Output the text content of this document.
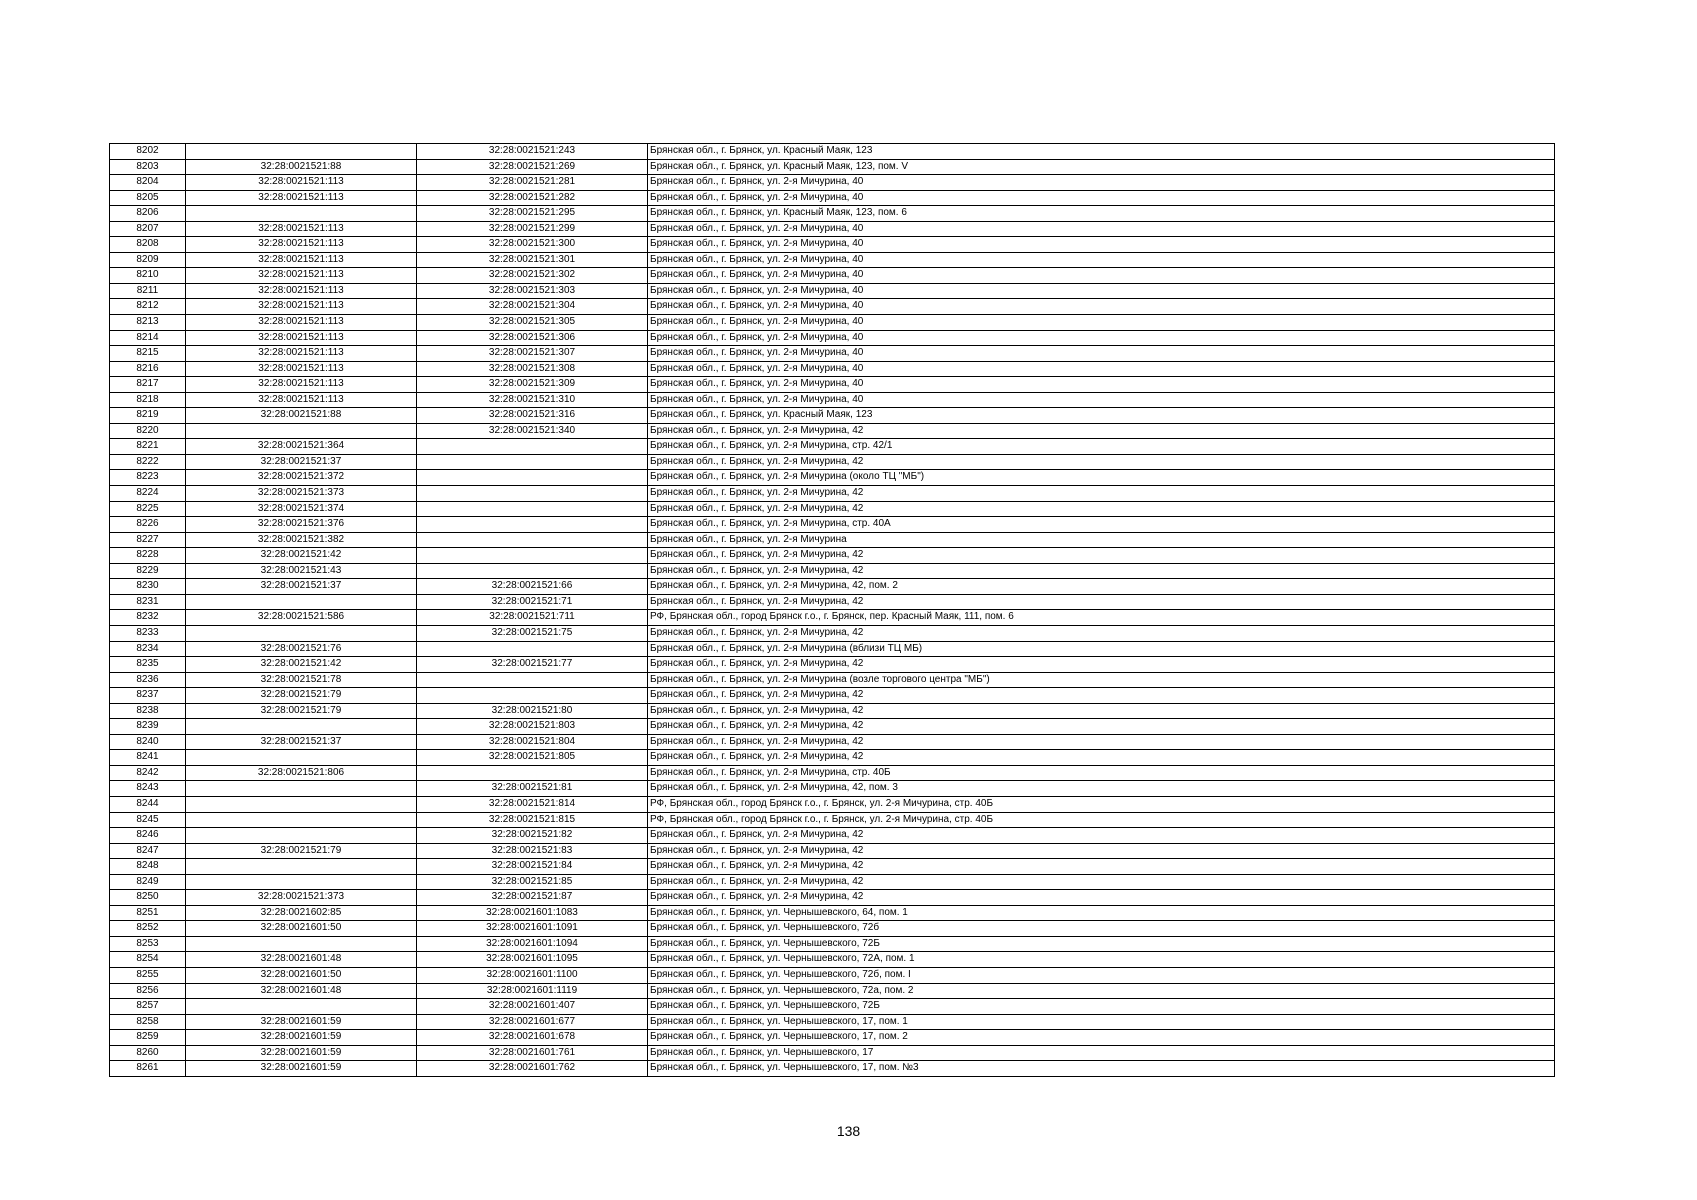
8202		32:28:0021521:243	Брянская обл., г. Брянск, ул. Красный Маяк, 123
8203	32:28:0021521:88	32:28:0021521:269	Брянская обл., г. Брянск, ул. Красный Маяк, 123, пом. V
8204	32:28:0021521:113	32:28:0021521:281	Брянская обл., г. Брянск, ул. 2-я Мичурина, 40
8205	32:28:0021521:113	32:28:0021521:282	Брянская обл., г. Брянск, ул. 2-я Мичурина, 40
8206		32:28:0021521:295	Брянская обл., г. Брянск, ул. Красный Маяк, 123, пом. 6
8207	32:28:0021521:113	32:28:0021521:299	Брянская обл., г. Брянск, ул. 2-я Мичурина, 40
8208	32:28:0021521:113	32:28:0021521:300	Брянская обл., г. Брянск, ул. 2-я Мичурина, 40
8209	32:28:0021521:113	32:28:0021521:301	Брянская обл., г. Брянск, ул. 2-я Мичурина, 40
8210	32:28:0021521:113	32:28:0021521:302	Брянская обл., г. Брянск, ул. 2-я Мичурина, 40
8211	32:28:0021521:113	32:28:0021521:303	Брянская обл., г. Брянск, ул. 2-я Мичурина, 40
8212	32:28:0021521:113	32:28:0021521:304	Брянская обл., г. Брянск, ул. 2-я Мичурина, 40
8213	32:28:0021521:113	32:28:0021521:305	Брянская обл., г. Брянск, ул. 2-я Мичурина, 40
8214	32:28:0021521:113	32:28:0021521:306	Брянская обл., г. Брянск, ул. 2-я Мичурина, 40
8215	32:28:0021521:113	32:28:0021521:307	Брянская обл., г. Брянск, ул. 2-я Мичурина, 40
8216	32:28:0021521:113	32:28:0021521:308	Брянская обл., г. Брянск, ул. 2-я Мичурина, 40
8217	32:28:0021521:113	32:28:0021521:309	Брянская обл., г. Брянск, ул. 2-я Мичурина, 40
8218	32:28:0021521:113	32:28:0021521:310	Брянская обл., г. Брянск, ул. 2-я Мичурина, 40
8219	32:28:0021521:88	32:28:0021521:316	Брянская обл., г. Брянск, ул. Красный Маяк, 123
8220		32:28:0021521:340	Брянская обл., г. Брянск, ул. 2-я Мичурина, 42
8221	32:28:0021521:364		Брянская обл., г. Брянск, ул. 2-я Мичурина, стр. 42/1
8222	32:28:0021521:37		Брянская обл., г. Брянск, ул. 2-я Мичурина, 42
8223	32:28:0021521:372		Брянская обл., г. Брянск, ул. 2-я Мичурина (около ТЦ "МБ")
8224	32:28:0021521:373		Брянская обл., г. Брянск, ул. 2-я Мичурина, 42
8225	32:28:0021521:374		Брянская обл., г. Брянск, ул. 2-я Мичурина, 42
8226	32:28:0021521:376		Брянская обл., г. Брянск, ул. 2-я Мичурина, стр. 40А
8227	32:28:0021521:382		Брянская обл., г. Брянск, ул. 2-я Мичурина
8228	32:28:0021521:42		Брянская обл., г. Брянск, ул. 2-я Мичурина, 42
8229	32:28:0021521:43		Брянская обл., г. Брянск, ул. 2-я Мичурина, 42
8230	32:28:0021521:37	32:28:0021521:66	Брянская обл., г. Брянск, ул. 2-я Мичурина, 42, пом. 2
8231		32:28:0021521:71	Брянская обл., г. Брянск, ул. 2-я Мичурина, 42
8232	32:28:0021521:586	32:28:0021521:711	РФ, Брянская обл., город Брянск г.о., г. Брянск, пер. Красный Маяк, 111, пом. 6
8233		32:28:0021521:75	Брянская обл., г. Брянск, ул. 2-я Мичурина, 42
8234	32:28:0021521:76		Брянская обл., г. Брянск, ул. 2-я Мичурина (вблизи ТЦ МБ)
8235	32:28:0021521:42	32:28:0021521:77	Брянская обл., г. Брянск, ул. 2-я Мичурина, 42
8236	32:28:0021521:78		Брянская обл., г. Брянск, ул. 2-я Мичурина (возле торгового центра "МБ")
8237	32:28:0021521:79		Брянская обл., г. Брянск, ул. 2-я Мичурина, 42
8238	32:28:0021521:79	32:28:0021521:80	Брянская обл., г. Брянск, ул. 2-я Мичурина, 42
8239		32:28:0021521:803	Брянская обл., г. Брянск, ул. 2-я Мичурина, 42
8240	32:28:0021521:37	32:28:0021521:804	Брянская обл., г. Брянск, ул. 2-я Мичурина, 42
8241		32:28:0021521:805	Брянская обл., г. Брянск, ул. 2-я Мичурина, 42
8242	32:28:0021521:806		Брянская обл., г. Брянск, ул. 2-я Мичурина, стр. 40Б
8243		32:28:0021521:81	Брянская обл., г. Брянск, ул. 2-я Мичурина, 42, пом. 3
8244		32:28:0021521:814	РФ, Брянская обл., город Брянск г.о., г. Брянск, ул. 2-я Мичурина, стр. 40Б
8245		32:28:0021521:815	РФ, Брянская обл., город Брянск г.о., г. Брянск, ул. 2-я Мичурина, стр. 40Б
8246		32:28:0021521:82	Брянская обл., г. Брянск, ул. 2-я Мичурина, 42
8247	32:28:0021521:79	32:28:0021521:83	Брянская обл., г. Брянск, ул. 2-я Мичурина, 42
8248		32:28:0021521:84	Брянская обл., г. Брянск, ул. 2-я Мичурина, 42
8249		32:28:0021521:85	Брянская обл., г. Брянск, ул. 2-я Мичурина, 42
8250	32:28:0021521:373	32:28:0021521:87	Брянская обл., г. Брянск, ул. 2-я Мичурина, 42
8251	32:28:0021602:85	32:28:0021601:1083	Брянская обл., г. Брянск, ул. Чернышевского, 64, пом. 1
8252	32:28:0021601:50	32:28:0021601:1091	Брянская обл., г. Брянск, ул. Чернышевского, 72б
8253		32:28:0021601:1094	Брянская обл., г. Брянск, ул. Чернышевского, 72Б
8254	32:28:0021601:48	32:28:0021601:1095	Брянская обл., г. Брянск, ул. Чернышевского, 72А, пом. 1
8255	32:28:0021601:50	32:28:0021601:1100	Брянская обл., г. Брянск, ул. Чернышевского, 72б, пом. I
8256	32:28:0021601:48	32:28:0021601:1119	Брянская обл., г. Брянск, ул. Чернышевского, 72а, пом. 2
8257		32:28:0021601:407	Брянская обл., г. Брянск, ул. Чернышевского, 72Б
8258	32:28:0021601:59	32:28:0021601:677	Брянская обл., г. Брянск, ул. Чернышевского, 17, пом. 1
8259	32:28:0021601:59	32:28:0021601:678	Брянская обл., г. Брянск, ул. Чернышевского, 17, пом. 2
8260	32:28:0021601:59	32:28:0021601:761	Брянская обл., г. Брянск, ул. Чернышевского, 17
8261	32:28:0021601:59	32:28:0021601:762	Брянская обл., г. Брянск, ул. Чернышевского, 17, пом. №3
138
